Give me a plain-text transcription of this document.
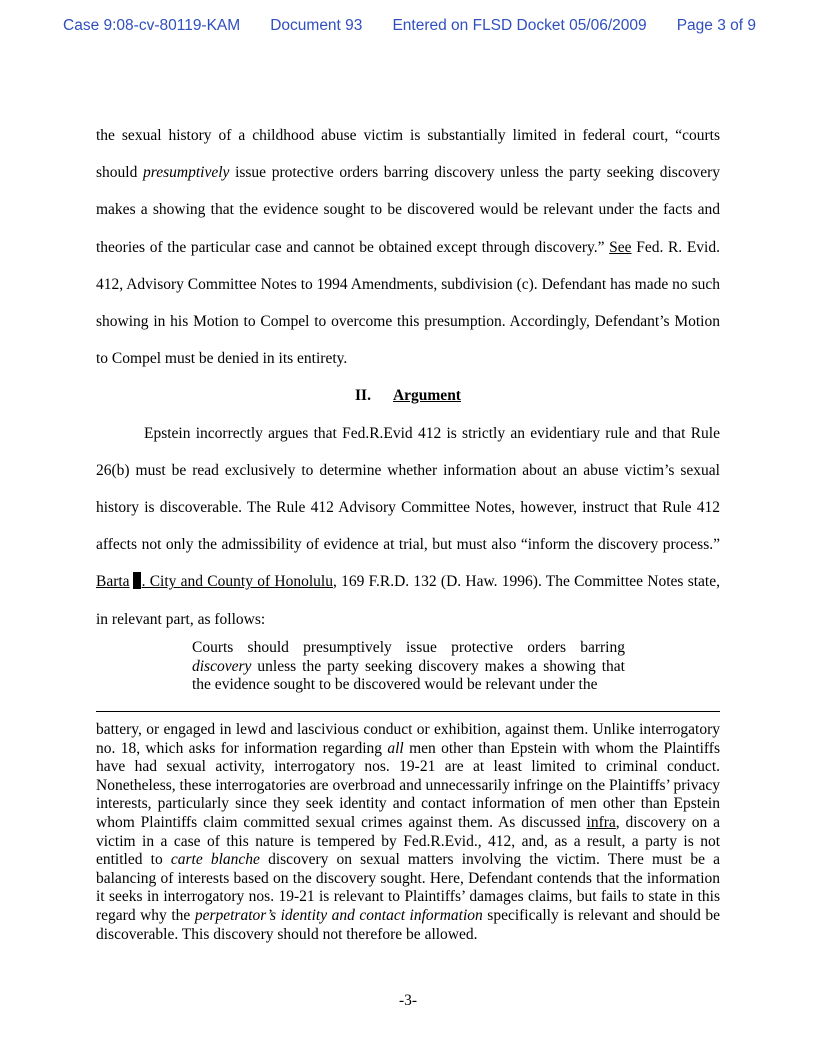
Case 9:08-cv-80119-KAM Document 93 Entered on FLSD Docket 05/06/2009 Page 3 of 9

the sexual history of a childhood abuse victim is substantially limited in federal court, “courts should presumptively issue protective orders barring discovery unless the party seeking discovery makes a showing that the evidence sought to be discovered would be relevant under the facts and theories of the particular case and cannot be obtained except through discovery.” See Fed. R. Evid. 412, Advisory Committee Notes to 1994 Amendments, subdivision (c). Defendant has made no such showing in his Motion to Compel to overcome this presumption. Accordingly, Defendant’s Motion to Compel must be denied in its entirety.

II. Argument

Epstein incorrectly argues that Fed.R.Evid 412 is strictly an evidentiary rule and that Rule 26(b) must be read exclusively to determine whether information about an abuse victim’s sexual history is discoverable. The Rule 412 Advisory Committee Notes, however, instruct that Rule 412 affects not only the admissibility of evidence at trial, but must also “inform the discovery process.” Barta . City and County of Honolulu, 169 F.R.D. 132 (D. Haw. 1996). The Committee Notes state, in relevant part, as follows:

Courts should presumptively issue protective orders barring discovery unless the party seeking discovery makes a showing that the evidence sought to be discovered would be relevant under the
battery, or engaged in lewd and lascivious conduct or exhibition, against them. Unlike interrogatory no. 18, which asks for information regarding all men other than Epstein with whom the Plaintiffs have had sexual activity, interrogatory nos. 19-21 are at least limited to criminal conduct. Nonetheless, these interrogatories are overbroad and unnecessarily infringe on the Plaintiffs’ privacy interests, particularly since they seek identity and contact information of men other than Epstein whom Plaintiffs claim committed sexual crimes against them. As discussed infra, discovery on a victim in a case of this nature is tempered by Fed.R.Evid., 412, and, as a result, a party is not entitled to carte blanche discovery on sexual matters involving the victim. There must be a balancing of interests based on the discovery sought. Here, Defendant contends that the information it seeks in interrogatory nos. 19-21 is relevant to Plaintiffs’ damages claims, but fails to state in this regard why the perpetrator’s identity and contact information specifically is relevant and should be discoverable. This discovery should not therefore be allowed.
-3-
